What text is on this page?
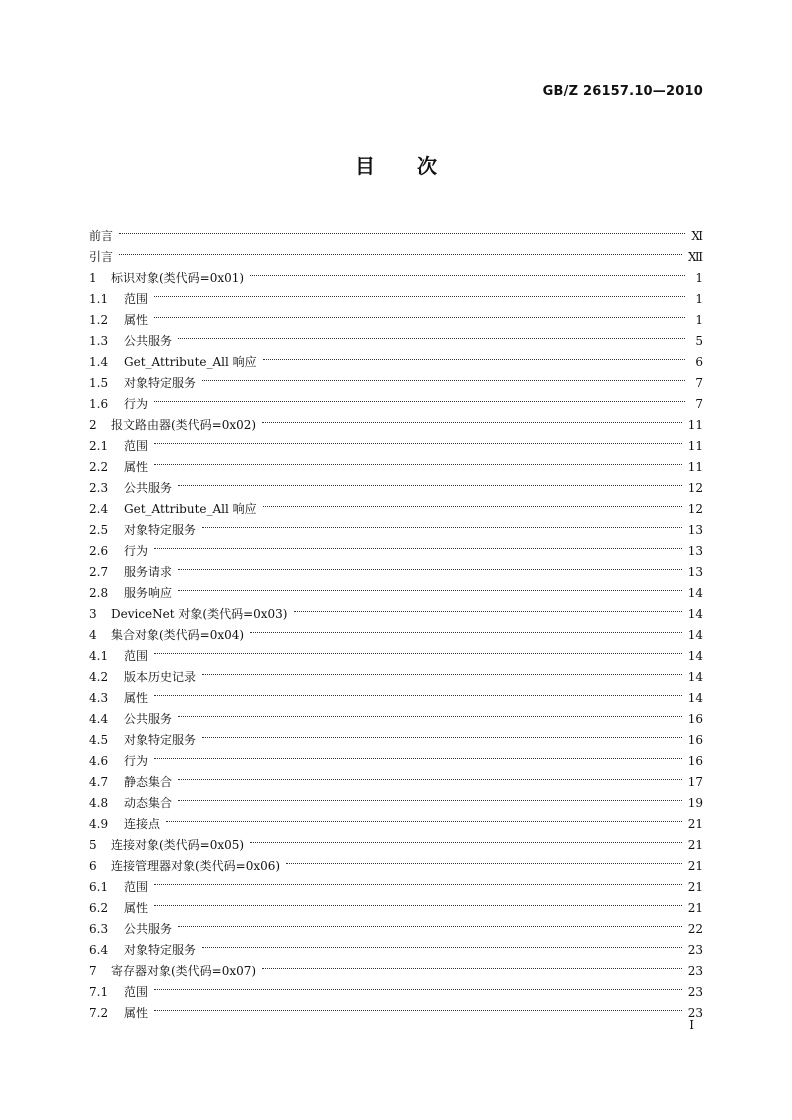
GB/Z 26157.10—2010
目次
前言	Ⅺ
引言	Ⅻ
1 标识对象(类代码=0x01)	1
1.1 范围	1
1.2 属性	1
1.3 公共服务	5
1.4 Get_Attribute_All 响应	6
1.5 对象特定服务	7
1.6 行为	7
2 报文路由器(类代码=0x02)	11
2.1 范围	11
2.2 属性	11
2.3 公共服务	12
2.4 Get_Attribute_All 响应	12
2.5 对象特定服务	13
2.6 行为	13
2.7 服务请求	13
2.8 服务响应	14
3 DeviceNet 对象(类代码=0x03)	14
4 集合对象(类代码=0x04)	14
4.1 范围	14
4.2 版本历史记录	14
4.3 属性	14
4.4 公共服务	16
4.5 对象特定服务	16
4.6 行为	16
4.7 静态集合	17
4.8 动态集合	19
4.9 连接点	21
5 连接对象(类代码=0x05)	21
6 连接管理器对象(类代码=0x06)	21
6.1 范围	21
6.2 属性	21
6.3 公共服务	22
6.4 对象特定服务	23
7 寄存器对象(类代码=0x07)	23
7.1 范围	23
7.2 属性	23
I
